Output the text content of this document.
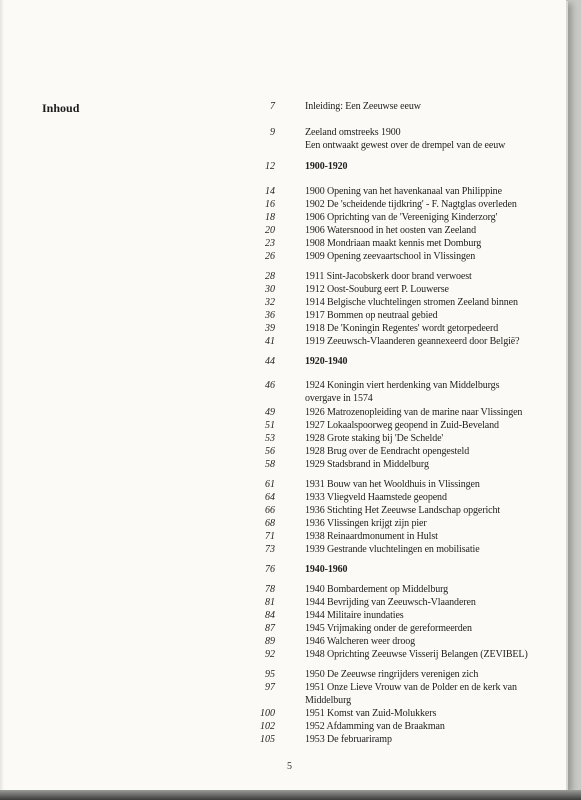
Inhoud	7	Inleiding: Een Zeeuwse eeuw
9	Zeeland omstreeks 1900
Een ontwaakt gewest over de drempel van de eeuw
12	1900-1920
14	1900 Opening van het havenkanaal van Philippine
16	1902 De 'scheidende tijdkring' - F. Nagtglas overleden
18	1906 Oprichting van de 'Vereeniging Kinderzorg'
20	1906 Watersnood in het oosten van Zeeland
23	1908 Mondriaan maakt kennis met Domburg
26	1909 Opening zeevaartschool in Vlissingen
28	1911 Sint-Jacobskerk door brand verwoest
30	1912 Oost-Souburg eert P. Louwerse
32	1914 Belgische vluchtelingen stromen Zeeland binnen
36	1917 Bommen op neutraal gebied
39	1918 De 'Koningin Regentes' wordt getorpedeerd
41	1919 Zeeuwsch-Vlaanderen geannexeerd door België?
44	1920-1940
46	1924 Koningin viert herdenking van Middelburgs
overgave in 1574
49	1926 Matrozenopleiding van de marine naar Vlissingen
51	1927 Lokaalspoorweg geopend in Zuid-Beveland
53	1928 Grote staking bij 'De Schelde'
56	1928 Brug over de Eendracht opengesteld
58	1929 Stadsbrand in Middelburg
61	1931 Bouw van het Wooldhuis in Vlissingen
64	1933 Vliegveld Haamstede geopend
66	1936 Stichting Het Zeeuwse Landschap opgericht
68	1936 Vlissingen krijgt zijn pier
71	1938 Reinaardmonument in Hulst
73	1939 Gestrande vluchtelingen en mobilisatie
76	1940-1960
78	1940 Bombardement op Middelburg
81	1944 Bevrijding van Zeeuwsch-Vlaanderen
84	1944 Militaire inundaties
87	1945 Vrijmaking onder de gereformeerden
89	1946 Walcheren weer droog
92	1948 Oprichting Zeeuwse Visserij Belangen (ZEVIBEL)
95	1950 De Zeeuwse ringrijders verenigen zich
97	1951 Onze Lieve Vrouw van de Polder en de kerk van
Middelburg
100	1951 Komst van Zuid-Molukkers
102	1952 Afdamming van de Braakman
105	1953 De februariramp
5
